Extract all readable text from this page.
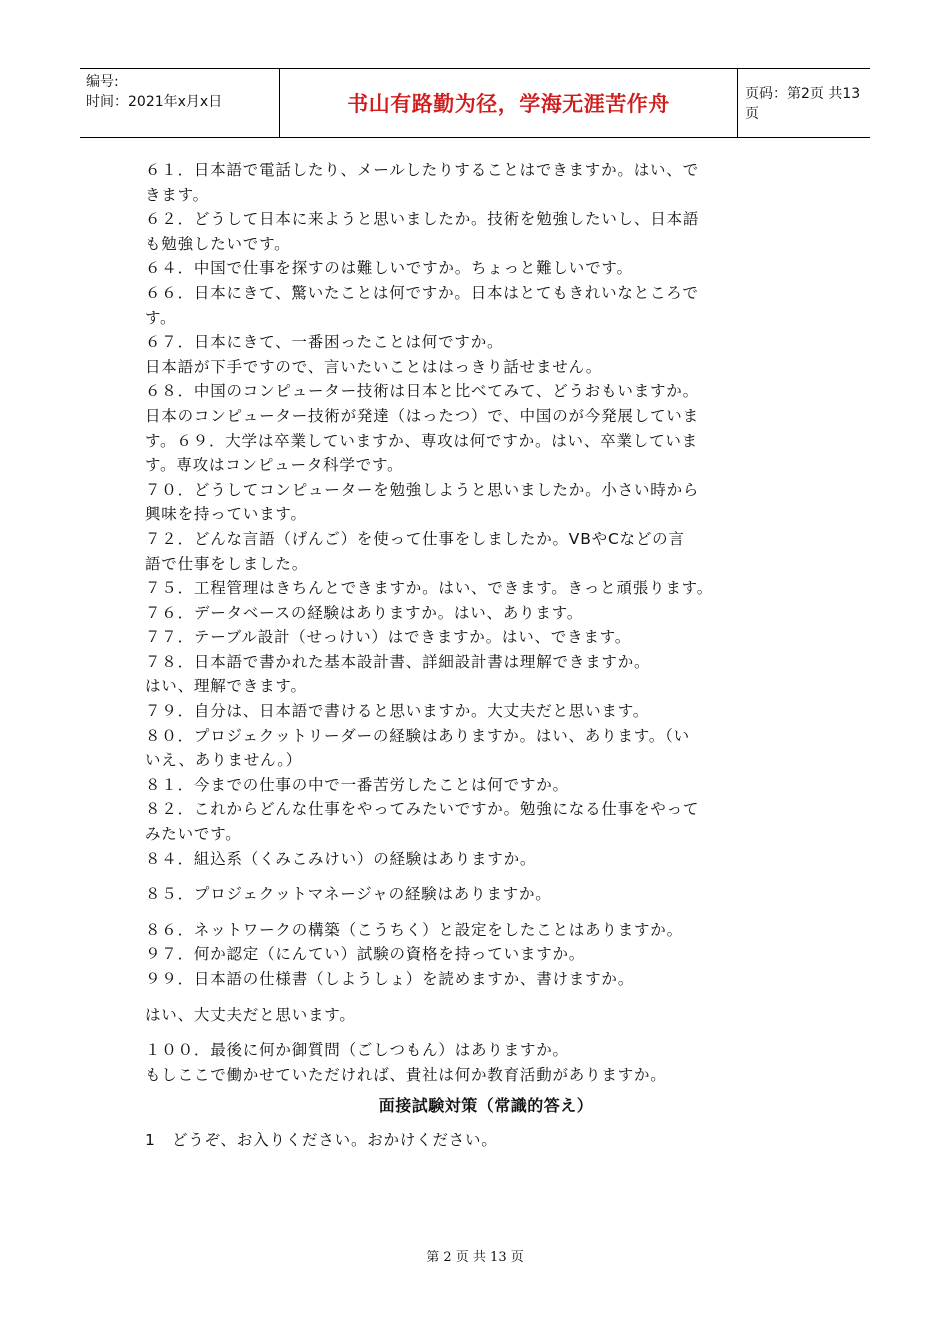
编号:
时间：2021年x月x日	书山有路勤为径，学海无涯苦作舟	页码：第2页 共13页
６１．日本語で電話したり、メールしたりすることはできますか。はい、で
きます。
６２．どうして日本に来ようと思いましたか。技術を勉強したいし、日本語
も勉強したいです。
６４．中国で仕事を探すのは難しいですか。ちょっと難しいです。
６６．日本にきて、驚いたことは何ですか。日本はとてもきれいなところで
す。
６７．日本にきて、一番困ったことは何ですか。
日本語が下手ですので、言いたいことははっきり話せません。
６８．中国のコンピューター技術は日本と比べてみて、どうおもいますか。
日本のコンピューター技術が発達（はったつ）で、中国のが今発展していま
す。６９．大学は卒業していますか、専攻は何ですか。はい、卒業していま
す。専攻はコンピュータ科学です。
７０．どうしてコンピューターを勉強しようと思いましたか。小さい時から
興味を持っています。
７２．どんな言語（げんご）を使って仕事をしましたか。VBやCなどの言
語で仕事をしました。
７５．工程管理はきちんとできますか。はい、できます。きっと頑張ります。
７６．データベースの経験はありますか。はい、あります。
７７．テーブル設計（せっけい）はできますか。はい、できます。
７８．日本語で書かれた基本設計書、詳細設計書は理解できますか。
はい、理解できます。
７９．自分は、日本語で書けると思いますか。大丈夫だと思います。
８０．プロジェクットリーダーの経験はありますか。はい、あります。（い
いえ、ありません。）
８１．今までの仕事の中で一番苦労したことは何ですか。
８２．これからどんな仕事をやってみたいですか。勉強になる仕事をやって
みたいです。
８４．組込系（くみこみけい）の経験はありますか。
８５．プロジェクットマネージャの経験はありますか。
８６．ネットワークの構築（こうちく）と設定をしたことはありますか。
９７．何か認定（にんてい）試験の資格を持っていますか。
９９．日本語の仕様書（しようしょ）を読めますか、書けますか。
はい、大丈夫だと思います。
１００．最後に何か御質問（ごしつもん）はありますか。
もしここで働かせていただければ、貴社は何か教育活動がありますか。
面接試験対策（常識的答え）
1　どうぞ、お入りください。おかけください。
第 2 页 共 13 页
